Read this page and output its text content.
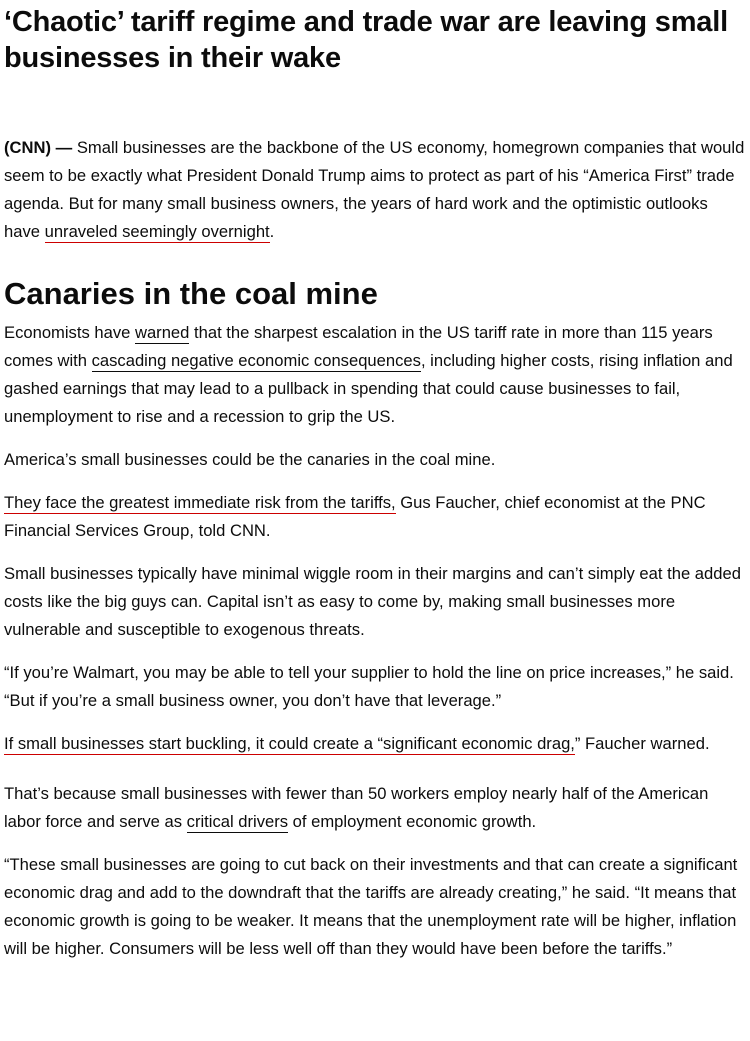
‘Chaotic’ tariff regime and trade war are leaving small businesses in their wake

(CNN) — Small businesses are the backbone of the US economy, homegrown companies that would seem to be exactly what President Donald Trump aims to protect as part of his “America First” trade agenda. But for many small business owners, the years of hard work and the optimistic outlooks have unraveled seemingly overnight.

Canaries in the coal mine

Economists have warned that the sharpest escalation in the US tariff rate in more than 115 years comes with cascading negative economic consequences, including higher costs, rising inflation and gashed earnings that may lead to a pullback in spending that could cause businesses to fail, unemployment to rise and a recession to grip the US.

America’s small businesses could be the canaries in the coal mine.

They face the greatest immediate risk from the tariffs, Gus Faucher, chief economist at the PNC Financial Services Group, told CNN.

Small businesses typically have minimal wiggle room in their margins and can’t simply eat the added costs like the big guys can. Capital isn’t as easy to come by, making small businesses more vulnerable and susceptible to exogenous threats.

“If you’re Walmart, you may be able to tell your supplier to hold the line on price increases,” he said. “But if you’re a small business owner, you don’t have that leverage.”

If small businesses start buckling, it could create a “significant economic drag,” Faucher warned.

That’s because small businesses with fewer than 50 workers employ nearly half of the American labor force and serve as critical drivers of employment economic growth.

“These small businesses are going to cut back on their investments and that can create a significant economic drag and add to the downdraft that the tariffs are already creating,” he said. “It means that economic growth is going to be weaker. It means that the unemployment rate will be higher, inflation will be higher. Consumers will be less well off than they would have been before the tariffs.”
